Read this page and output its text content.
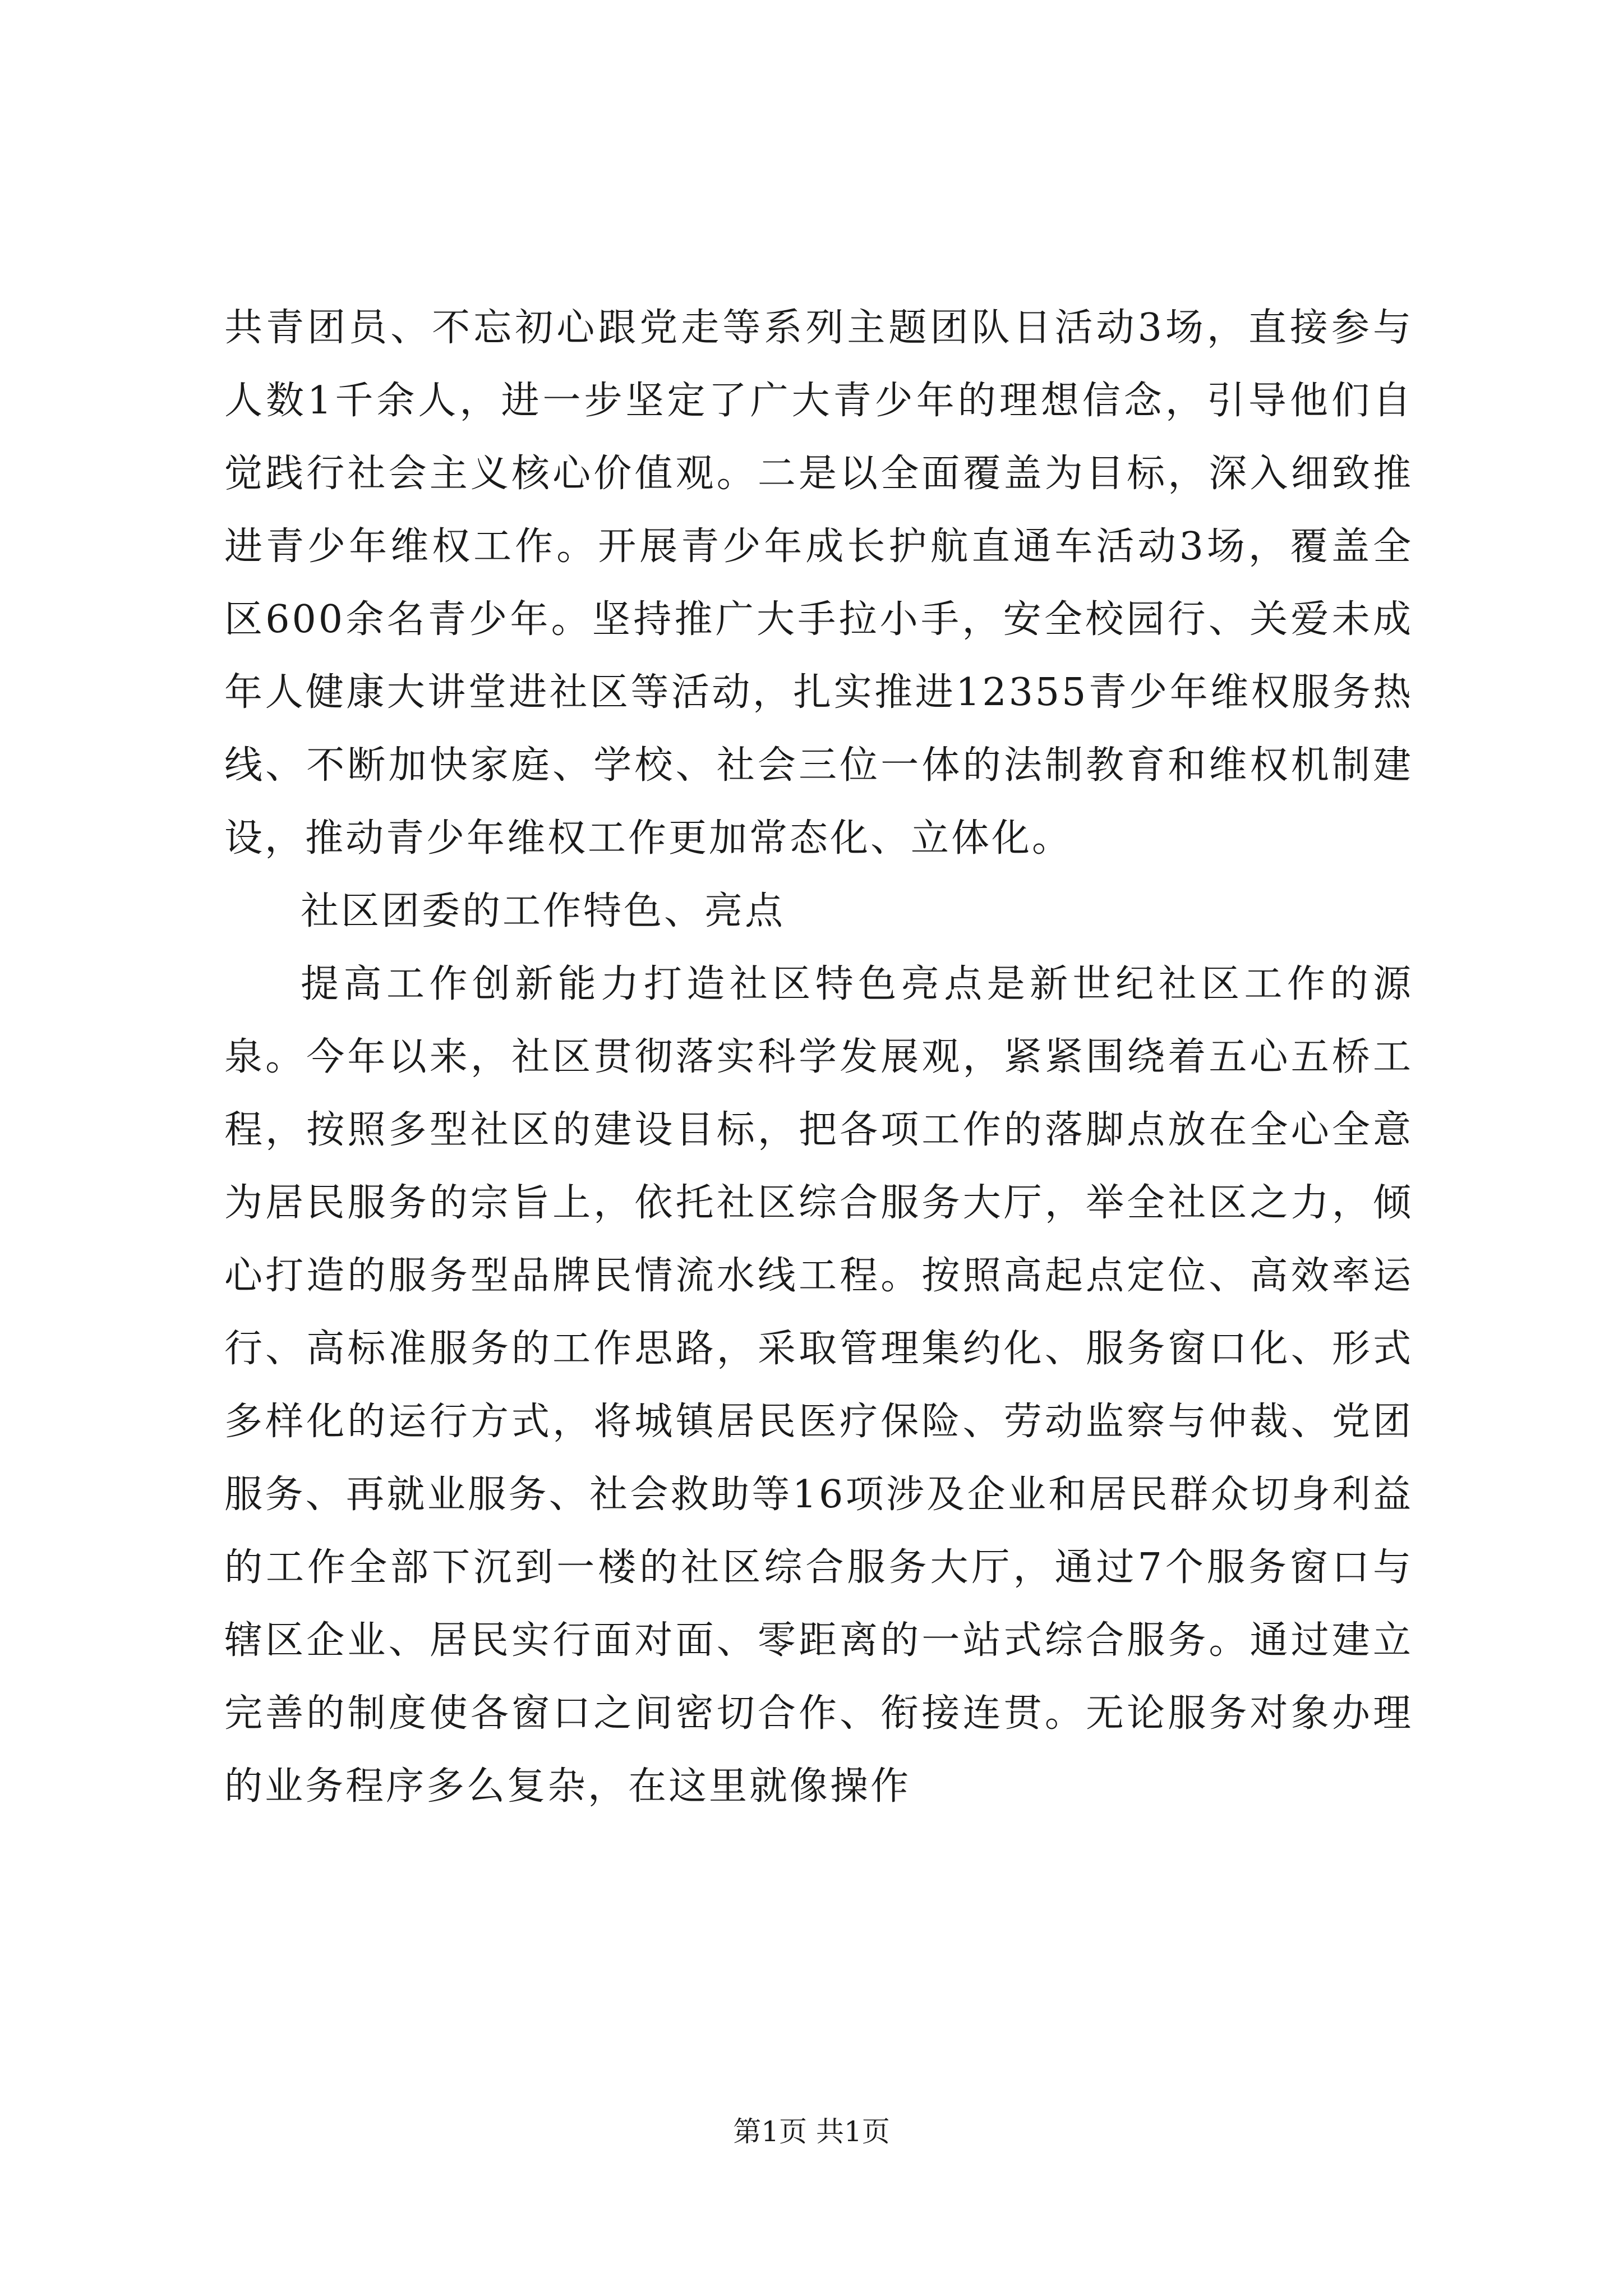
共青团员、不忘初心跟党走等系列主题团队日活动3场，直接参与人数1千余人，进一步坚定了广大青少年的理想信念，引导他们自觉践行社会主义核心价值观。二是以全面覆盖为目标，深入细致推进青少年维权工作。开展青少年成长护航直通车活动3场，覆盖全区600余名青少年。坚持推广大手拉小手，安全校园行、关爱未成年人健康大讲堂进社区等活动，扎实推进12355青少年维权服务热线、不断加快家庭、学校、社会三位一体的法制教育和维权机制建设，推动青少年维权工作更加常态化、立体化。

社区团委的工作特色、亮点

提高工作创新能力打造社区特色亮点是新世纪社区工作的源泉。今年以来，社区贯彻落实科学发展观，紧紧围绕着五心五桥工程，按照多型社区的建设目标，把各项工作的落脚点放在全心全意为居民服务的宗旨上，依托社区综合服务大厅，举全社区之力，倾心打造的服务型品牌民情流水线工程。按照高起点定位、高效率运行、高标准服务的工作思路，采取管理集约化、服务窗口化、形式多样化的运行方式，将城镇居民医疗保险、劳动监察与仲裁、党团服务、再就业服务、社会救助等16项涉及企业和居民群众切身利益的工作全部下沉到一楼的社区综合服务大厅，通过7个服务窗口与辖区企业、居民实行面对面、零距离的一站式综合服务。通过建立完善的制度使各窗口之间密切合作、衔接连贯。无论服务对象办理的业务程序多么复杂，在这里就像操作

第1页 共1页
